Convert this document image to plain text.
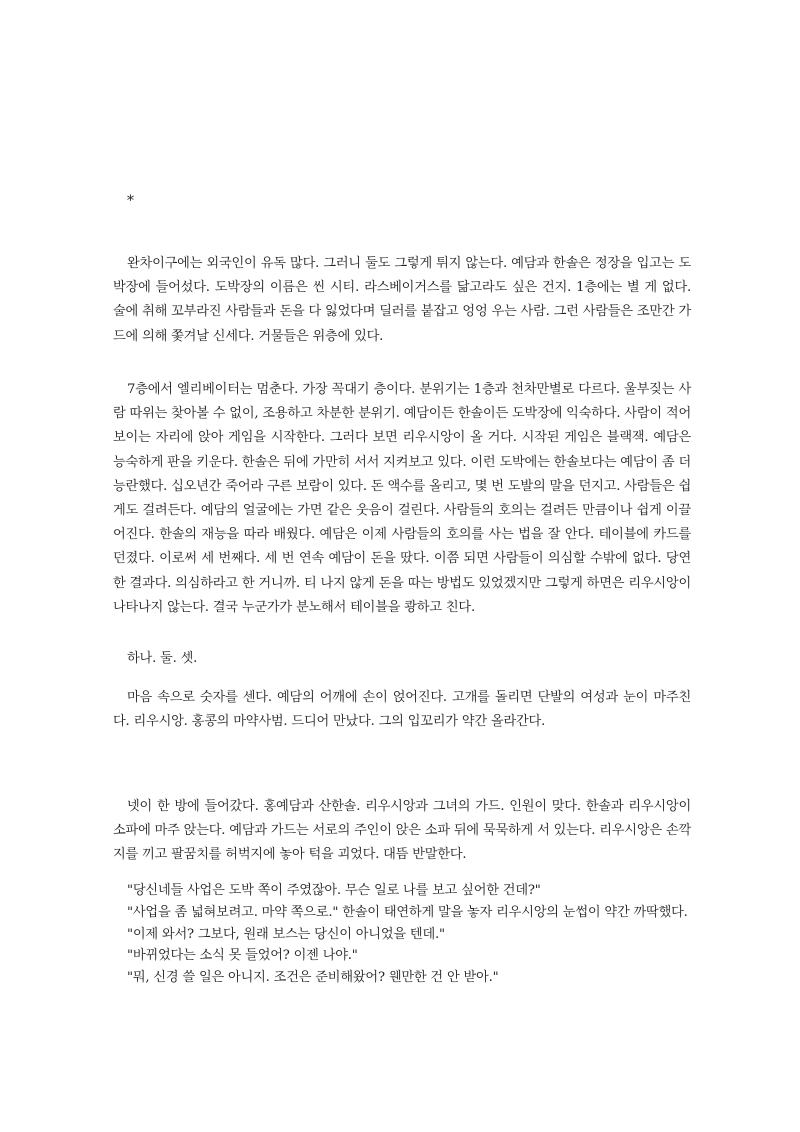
*

완차이구에는 외국인이 유독 많다. 그러니 둘도 그렇게 튀지 않는다. 예담과 한솔은 정장을 입고는 도박장에 들어섰다. 도박장의 이름은 씬 시티. 라스베이거스를 닮고라도 싶은 건지. 1층에는 별 게 없다. 술에 취해 꼬부라진 사람들과 돈을 다 잃었다며 딜러를 붙잡고 엉엉 우는 사람. 그런 사람들은 조만간 가드에 의해 쫓겨날 신세다. 거물들은 위층에 있다.

7층에서 엘리베이터는 멈춘다. 가장 꼭대기 층이다. 분위기는 1층과 천차만별로 다르다. 울부짖는 사람 따위는 찾아볼 수 없이, 조용하고 차분한 분위기. 예담이든 한솔이든 도박장에 익숙하다. 사람이 적어 보이는 자리에 앉아 게임을 시작한다. 그러다 보면 리우시앙이 올 거다. 시작된 게임은 블랙잭. 예담은 능숙하게 판을 키운다. 한솔은 뒤에 가만히 서서 지켜보고 있다. 이런 도박에는 한솔보다는 예담이 좀 더 능란했다. 십오년간 죽어라 구른 보람이 있다. 돈 액수를 올리고, 몇 번 도발의 말을 던지고. 사람들은 쉽게도 걸려든다. 예담의 얼굴에는 가면 같은 웃음이 걸린다. 사람들의 호의는 걸려든 만큼이나 쉽게 이끌어진다. 한솔의 재능을 따라 배웠다. 예담은 이제 사람들의 호의를 사는 법을 잘 안다. 테이블에 카드를 던졌다. 이로써 세 번째다. 세 번 연속 예담이 돈을 땄다. 이쯤 되면 사람들이 의심할 수밖에 없다. 당연한 결과다. 의심하라고 한 거니까. 티 나지 않게 돈을 따는 방법도 있었겠지만 그렇게 하면은 리우시앙이 나타나지 않는다. 결국 누군가가 분노해서 테이블을 쾅하고 친다.

하나. 둘. 셋.

마음 속으로 숫자를 센다. 예담의 어깨에 손이 얹어진다. 고개를 돌리면 단발의 여성과 눈이 마주친다. 리우시앙. 홍콩의 마약사범. 드디어 만났다. 그의 입꼬리가 약간 올라간다.

넷이 한 방에 들어갔다. 홍예담과 산한솔. 리우시앙과 그녀의 가드. 인원이 맞다. 한솔과 리우시앙이 소파에 마주 앉는다. 예담과 가드는 서로의 주인이 앉은 소파 뒤에 묵묵하게 서 있는다. 리우시앙은 손깍지를 끼고 팔꿈치를 허벅지에 놓아 턱을 괴었다. 대뜸 반말한다.

"당신네들 사업은 도박 쪽이 주였잖아. 무슨 일로 나를 보고 싶어한 건데?"
"사업을 좀 넓혀보려고. 마약 쪽으로." 한솔이 태연하게 말을 놓자 리우시앙의 눈썹이 약간 까딱했다.
"이제 와서? 그보다, 원래 보스는 당신이 아니었을 텐데."
"바뀌었다는 소식 못 들었어? 이젠 나야."
"뭐, 신경 쓸 일은 아니지. 조건은 준비해왔어? 웬만한 건 안 받아."
